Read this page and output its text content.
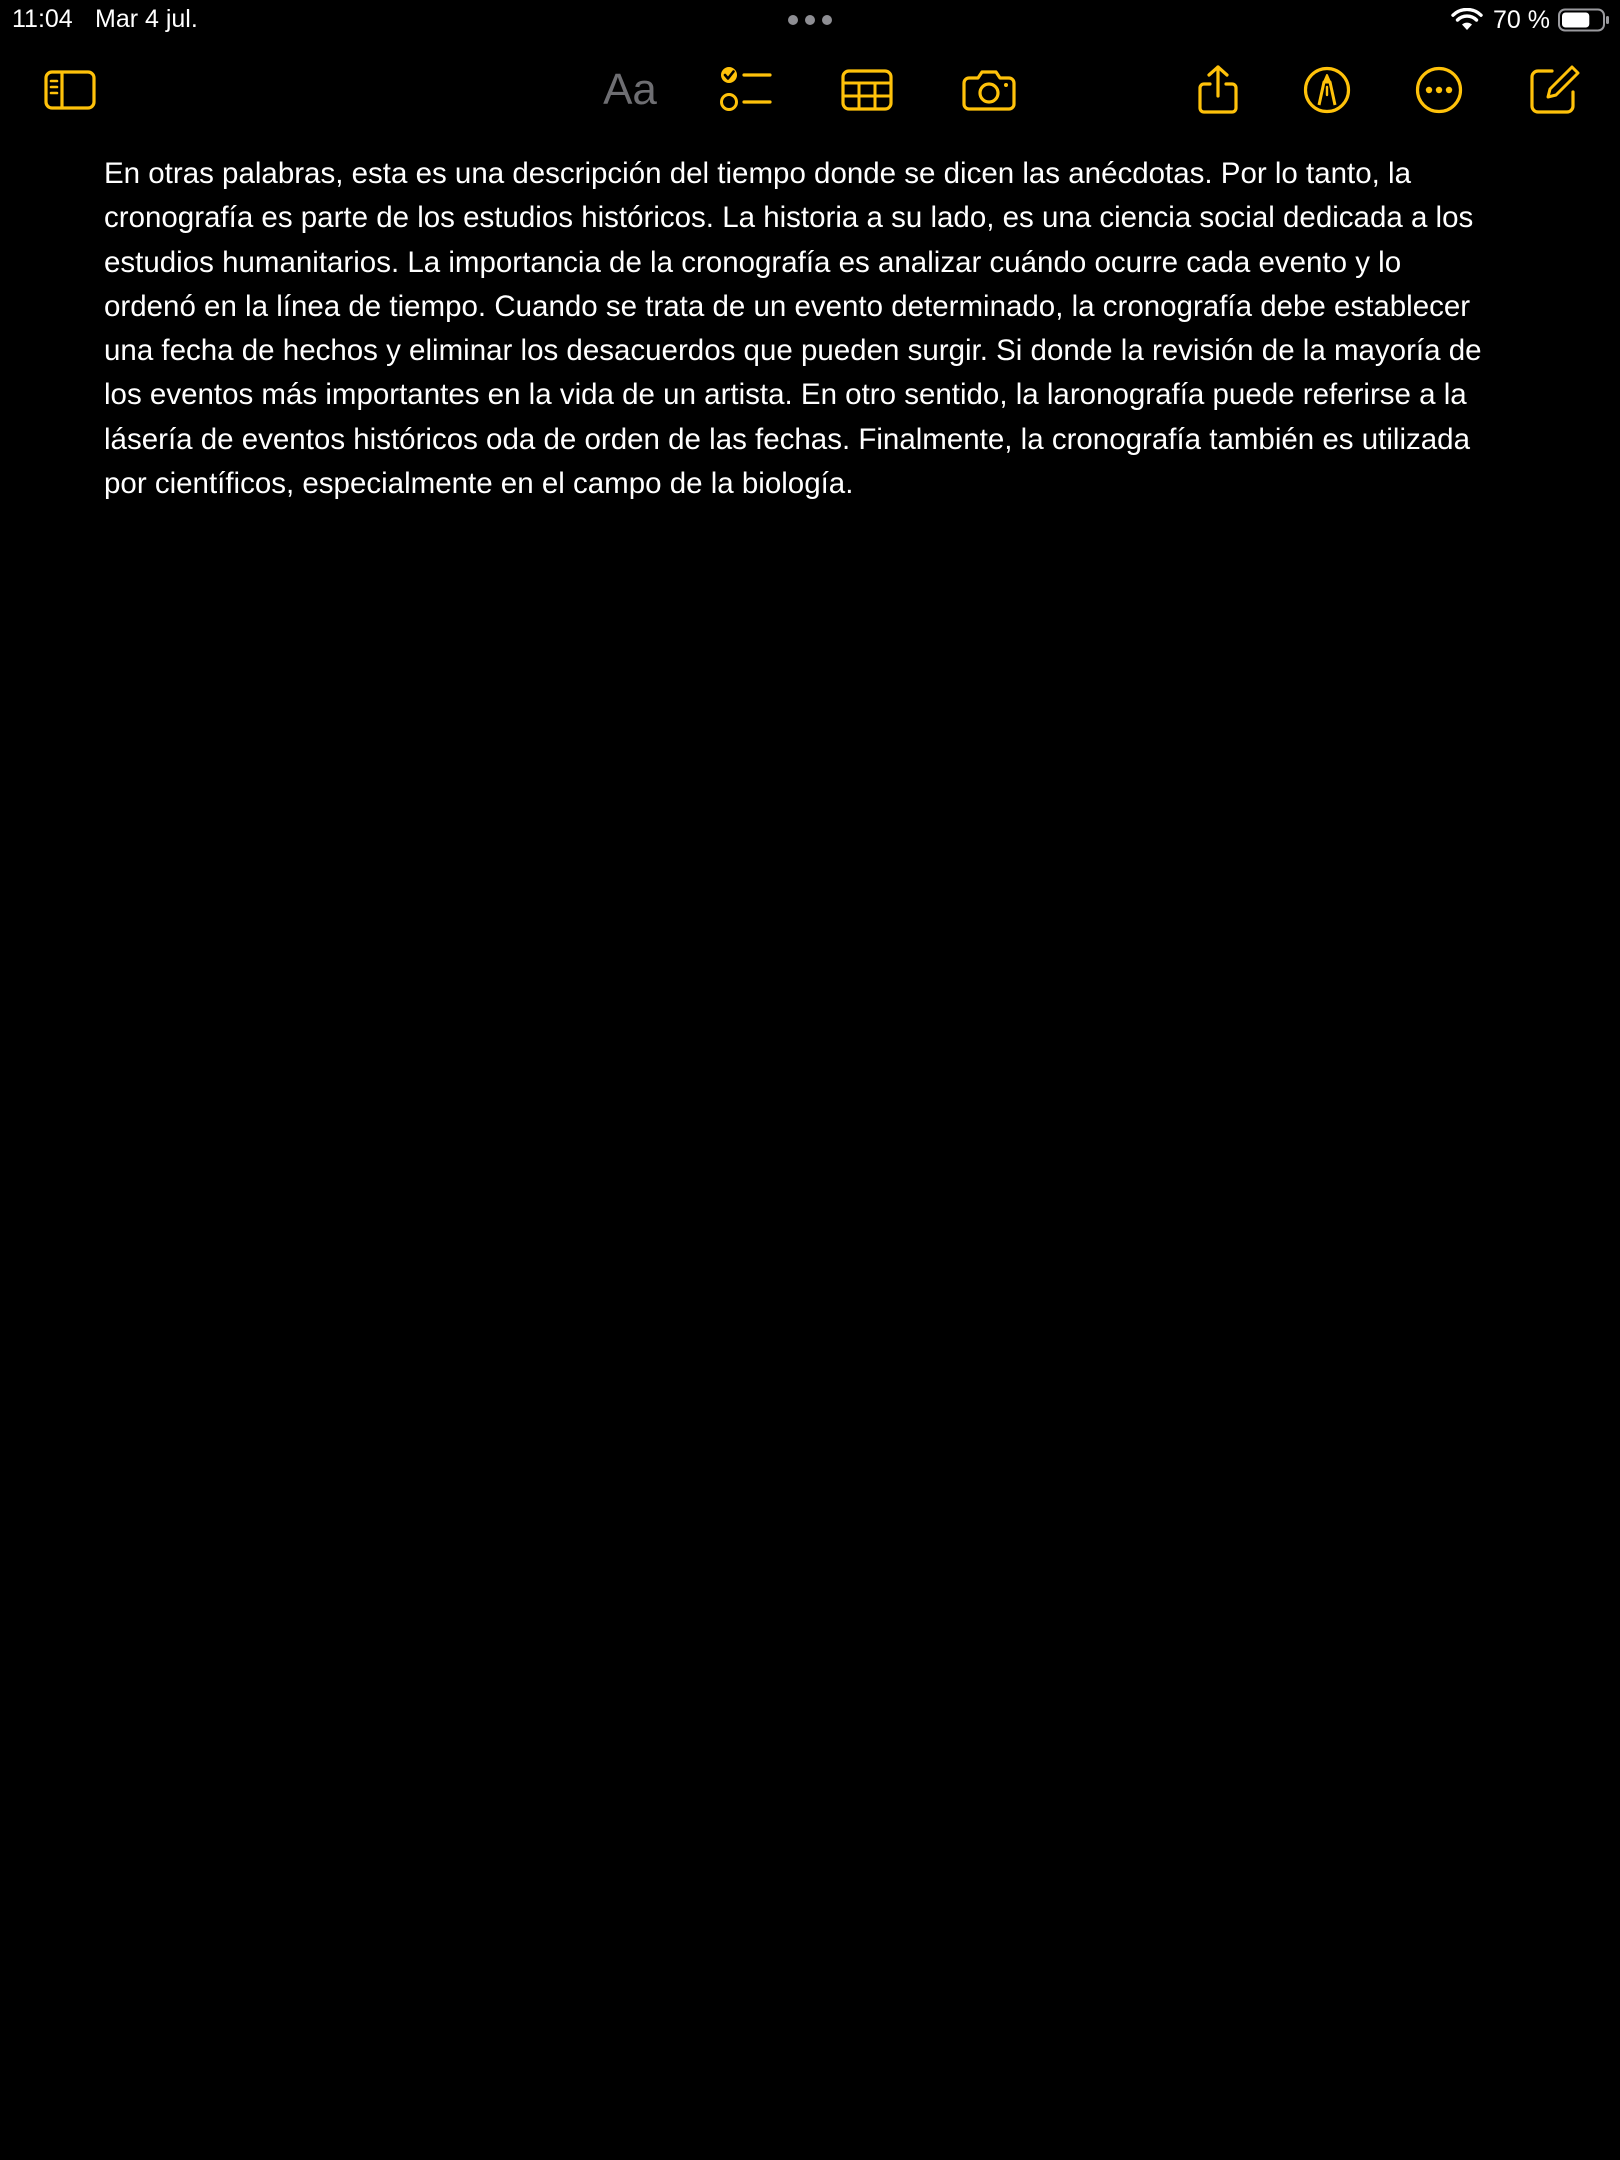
11:04 Mar 4 jul.	70 %
Aa
En otras palabras, esta es una descripción del tiempo donde se dicen las anécdotas. Por lo tanto, la cronografía es parte de los estudios históricos. La historia a su lado, es una ciencia social dedicada a los estudios humanitarios. La importancia de la cronografía es analizar cuándo ocurre cada evento y lo ordenó en la línea de tiempo. Cuando se trata de un evento determinado, la cronografía debe establecer una fecha de hechos y eliminar los desacuerdos que pueden surgir. Si donde la revisión de la mayoría de los eventos más importantes en la vida de un artista. En otro sentido, la laronografía puede referirse a la lásería de eventos históricos oda de orden de las fechas. Finalmente, la cronografía también es utilizada por científicos, especialmente en el campo de la biología.
